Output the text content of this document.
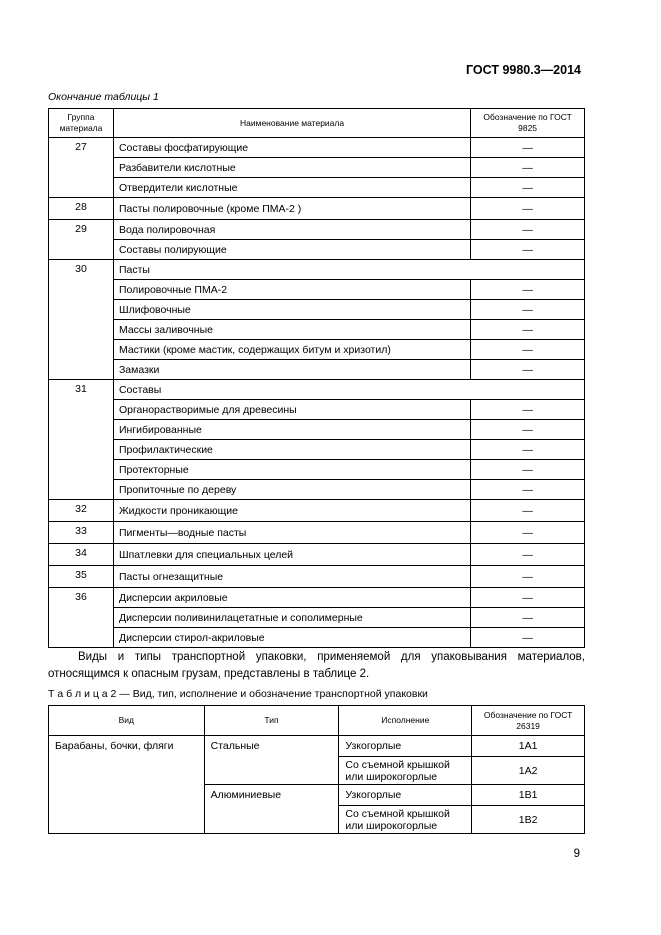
ГОСТ 9980.3—2014
Окончание таблицы 1
Группа материала	Наименование материала	Обозначение по ГОСТ 9825
27	Составы фосфатирующие	—
	Разбавители кислотные	—
	Отвердители кислотные	—
28	Пасты полировочные (кроме ПМА-2 )	—
29	Вода полировочная	—
	Составы полирующие	—
30	Пасты	
	Полировочные ПМА-2	—
	Шлифовочные	—
	Массы заливочные	—
	Мастики (кроме мастик, содержащих битум и хризотил)	—
	Замазки	—
31	Составы	
	Органорастворимые для древесины	—
	Ингибированные	—
	Профилактические	—
	Протекторные	—
	Пропиточные по дереву	—
32	Жидкости проникающие	—
33	Пигменты—водные пасты	—
34	Шпатлевки для специальных целей	—
35	Пасты огнезащитные	—
36	Дисперсии акриловые	—
	Дисперсии поливинилацетатные и сополимерные	—
	Дисперсии стирол-акриловые	—
Виды и типы транспортной упаковки, применяемой для упаковывания материалов, относящимся к опасным грузам, представлены в таблице 2.
Т а б л и ц а 2 — Вид, тип, исполнение и обозначение транспортной упаковки
Вид	Тип	Исполнение	Обозначение по ГОСТ 26319
Барабаны, бочки, фляги	Стальные	Узкогорлые	1A1
		Со съемной крышкой или широкогорлые	1A2
	Алюминиевые	Узкогорлые	1B1
		Со съемной крышкой или широкогорлые	1B2
9
